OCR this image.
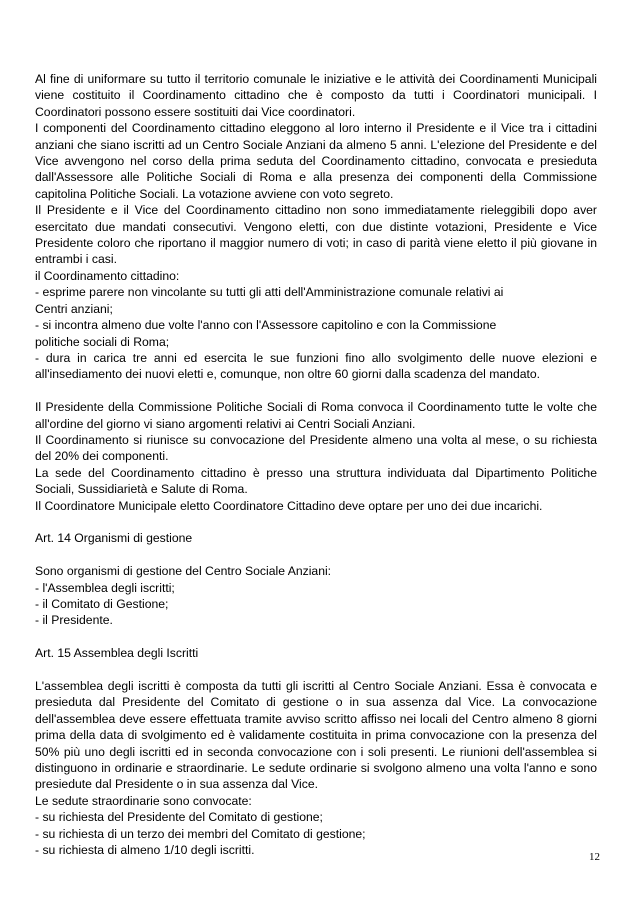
Al fine di uniformare su tutto il territorio comunale le iniziative e le attività dei Coordinamenti Municipali viene costituito il Coordinamento cittadino che è composto da tutti i Coordinatori municipali. I Coordinatori possono essere sostituiti dai Vice coordinatori.
I componenti del Coordinamento cittadino eleggono al loro interno il Presidente e il Vice tra i cittadini anziani che siano iscritti ad un Centro Sociale Anziani da almeno 5 anni. L'elezione del Presidente e del Vice avvengono nel corso della prima seduta del Coordinamento cittadino, convocata e presieduta dall'Assessore alle Politiche Sociali di Roma e alla presenza dei componenti della Commissione capitolina Politiche Sociali. La votazione avviene con voto segreto.
Il Presidente e il Vice del Coordinamento cittadino non sono immediatamente rieleggibili dopo aver esercitato due mandati consecutivi. Vengono eletti, con due distinte votazioni, Presidente e Vice Presidente coloro che riportano il maggior numero di voti; in caso di parità viene eletto il più giovane in entrambi i casi.
il Coordinamento cittadino:
- esprime parere non vincolante su tutti gli atti dell'Amministrazione comunale relativi ai
Centri anziani;
- si incontra almeno due volte l'anno con l'Assessore capitolino e con la Commissione
politiche sociali di Roma;
- dura in carica tre anni ed esercita le sue funzioni fino allo svolgimento delle nuove elezioni e all'insediamento dei nuovi eletti e, comunque, non oltre 60 giorni dalla scadenza del mandato.

Il Presidente della Commissione Politiche Sociali di Roma convoca il Coordinamento tutte le volte che all'ordine del giorno vi siano argomenti relativi ai Centri Sociali Anziani.
Il Coordinamento si riunisce su convocazione del Presidente almeno una volta al mese, o su richiesta del 20% dei componenti.
La sede del Coordinamento cittadino è presso una struttura individuata dal Dipartimento Politiche Sociali, Sussidiarietà e Salute di Roma.
Il Coordinatore Municipale eletto Coordinatore Cittadino deve optare per uno dei due incarichi.

Art. 14 Organismi di gestione

Sono organismi di gestione del Centro Sociale Anziani:
- l'Assemblea degli iscritti;
- il Comitato di Gestione;
- il Presidente.

Art. 15 Assemblea degli Iscritti

L'assemblea degli iscritti è composta da tutti gli iscritti al Centro Sociale Anziani. Essa è convocata e presieduta dal Presidente del Comitato di gestione o in sua assenza dal Vice. La convocazione dell'assemblea deve essere effettuata tramite avviso scritto affisso nei locali del Centro almeno 8 giorni prima della data di svolgimento ed è validamente costituita in prima convocazione con la presenza del 50% più uno degli iscritti ed in seconda convocazione con i soli presenti. Le riunioni dell'assemblea si distinguono in ordinarie e straordinarie. Le sedute ordinarie si svolgono almeno una volta l'anno e sono presiedute dal Presidente o in sua assenza dal Vice.
Le sedute straordinarie sono convocate:
- su richiesta del Presidente del Comitato di gestione;
- su richiesta di un terzo dei membri del Comitato di gestione;
- su richiesta di almeno 1/10 degli iscritti.	12
